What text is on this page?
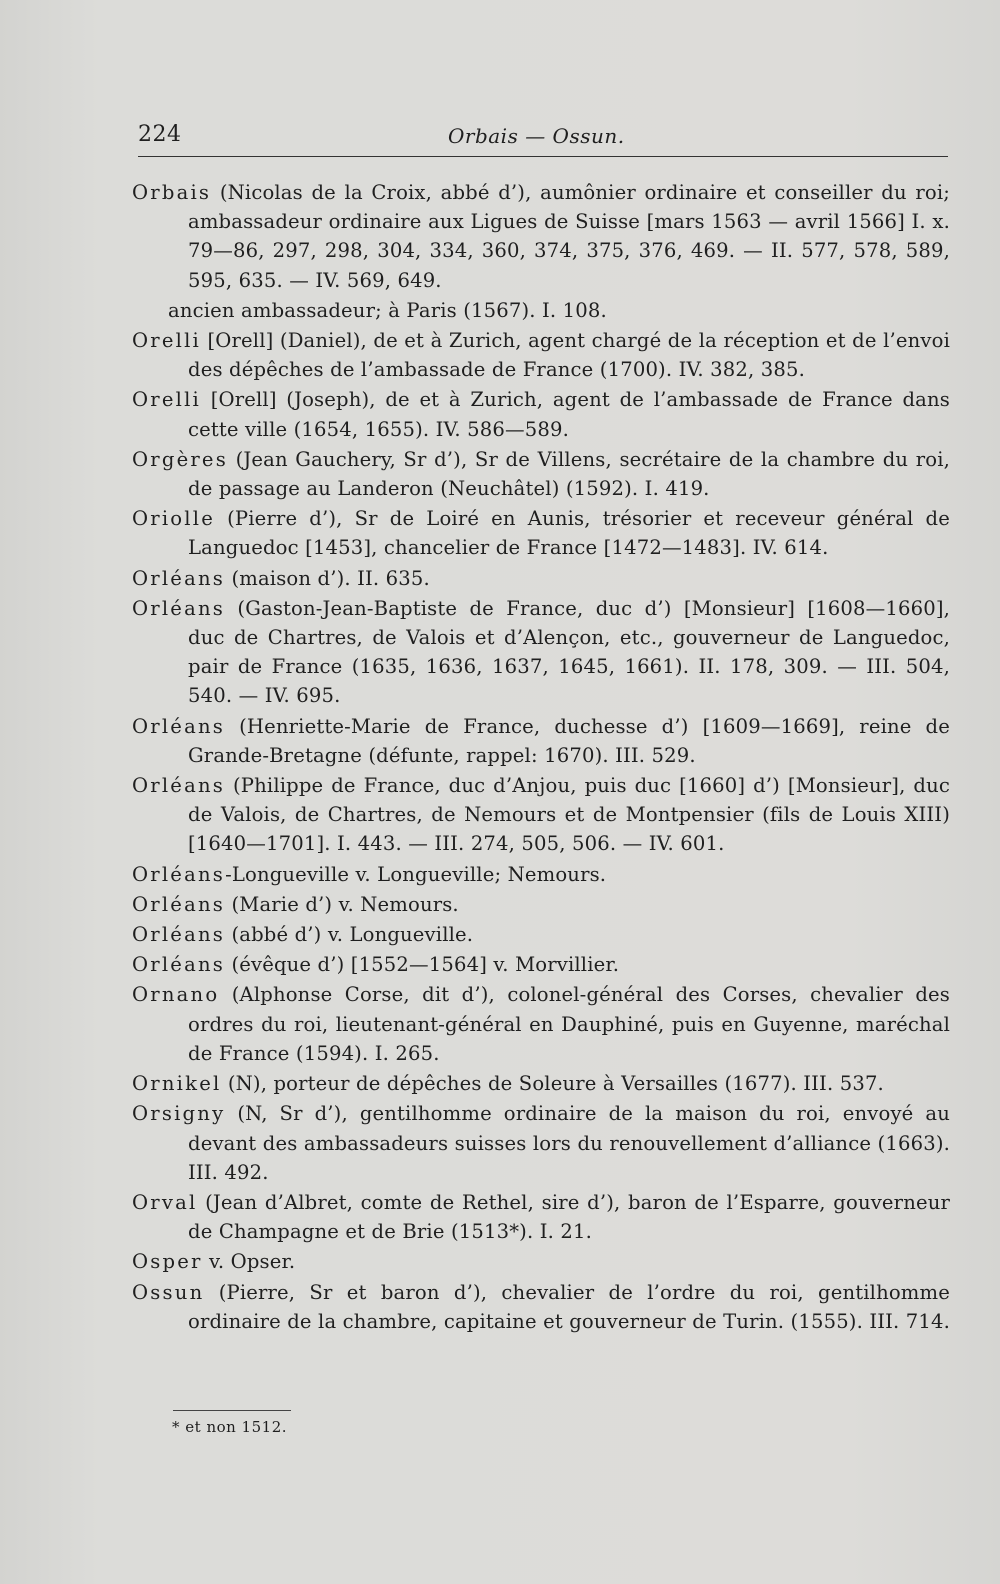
224	Orbais — Ossun.

Orbais (Nicolas de la Croix, abbé d’), aumônier ordinaire et conseiller du roi; ambassadeur ordinaire aux Ligues de Suisse [mars 1563 — avril 1566] I. x. 79—86, 297, 298, 304, 334, 360, 374, 375, 376, 469. — II. 577, 578, 589, 595, 635. — IV. 569, 649.

ancien ambassadeur; à Paris (1567). I. 108.

Orelli [Orell] (Daniel), de et à Zurich, agent chargé de la réception et de l’envoi des dépêches de l’ambassade de France (1700). IV. 382, 385.

Orelli [Orell] (Joseph), de et à Zurich, agent de l’ambassade de France dans cette ville (1654, 1655). IV. 586—589.

Orgères (Jean Gauchery, Sr d’), Sr de Villens, secrétaire de la chambre du roi, de passage au Landeron (Neuchâtel) (1592). I. 419.

Oriolle (Pierre d’), Sr de Loiré en Aunis, trésorier et receveur général de Languedoc [1453], chancelier de France [1472—1483]. IV. 614.

Orléans (maison d’). II. 635.

Orléans (Gaston-Jean-Baptiste de France, duc d’) [Monsieur] [1608—1660], duc de Chartres, de Valois et d’Alençon, etc., gouverneur de Languedoc, pair de France (1635, 1636, 1637, 1645, 1661). II. 178, 309. — III. 504, 540. — IV. 695.

Orléans (Henriette-Marie de France, duchesse d’) [1609—1669], reine de Grande-Bretagne (défunte, rappel: 1670). III. 529.

Orléans (Philippe de France, duc d’Anjou, puis duc [1660] d’) [Monsieur], duc de Valois, de Chartres, de Nemours et de Montpensier (fils de Louis XIII) [1640—1701]. I. 443. — III. 274, 505, 506. — IV. 601.

Orléans-Longueville v. Longueville; Nemours.

Orléans (Marie d’) v. Nemours.

Orléans (abbé d’) v. Longueville.

Orléans (évêque d’) [1552—1564] v. Morvillier.

Ornano (Alphonse Corse, dit d’), colonel-général des Corses, chevalier des ordres du roi, lieutenant-général en Dauphiné, puis en Guyenne, maréchal de France (1594). I. 265.

Ornikel (N), porteur de dépêches de Soleure à Versailles (1677). III. 537.

Orsigny (N, Sr d’), gentilhomme ordinaire de la maison du roi, envoyé au devant des ambassadeurs suisses lors du renouvellement d’alliance (1663). III. 492.

Orval (Jean d’Albret, comte de Rethel, sire d’), baron de l’Esparre, gouverneur de Champagne et de Brie (1513*). I. 21.

Osper v. Opser.

Ossun (Pierre, Sr et baron d’), chevalier de l’ordre du roi, gentilhomme ordinaire de la chambre, capitaine et gouverneur de Turin. (1555). III. 714.

* et non 1512.
